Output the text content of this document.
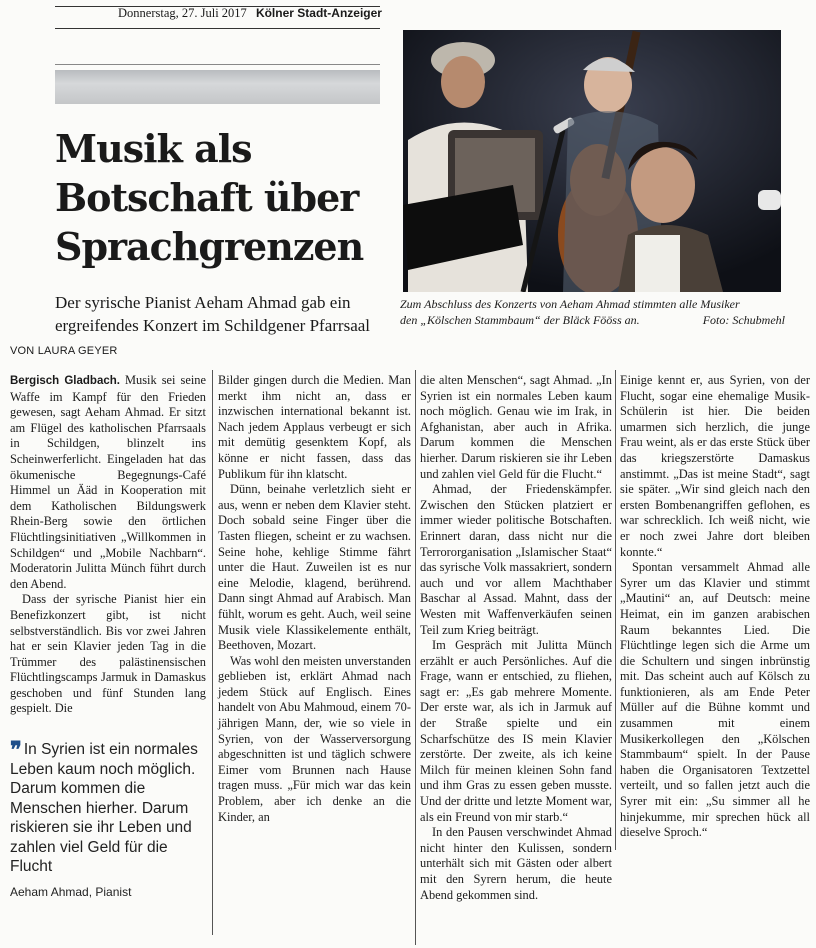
Donnerstag, 27. Juli 2017 Kölner Stadt-Anzeiger
Musik als
Botschaft über
Sprachgrenzen
Der syrische Pianist Aeham Ahmad gab ein
ergreifendes Konzert im Schildgener Pfarrsaal
VON LAURA GEYER
Zum Abschluss des Konzerts von Aeham Ahmad stimmten alle Musiker
den „Kölschen Stammbaum“ der Bläck Fööss an.	Foto: Schubmehl

Bergisch Gladbach. Musik sei seine Waffe im Kampf für den Frieden gewesen, sagt Aeham Ahmad. Er sitzt am Flügel des katholischen Pfarrsaals in Schildgen, blinzelt ins Scheinwerferlicht. Eingeladen hat das ökumenische Begegnungs-Café Himmel un Ääd in Kooperation mit dem Katholischen Bildungswerk Rhein-Berg sowie den örtlichen Flüchtlingsinitiativen „Willkommen in Schildgen“ und „Mobile Nachbarn“. Moderatorin Julitta Münch führt durch den Abend.

Dass der syrische Pianist hier ein Benefizkonzert gibt, ist nicht selbstverständlich. Bis vor zwei Jahren hat er sein Klavier jeden Tag in die Trümmer des palästinensischen Flüchtlingscamps Jarmuk in Damaskus geschoben und fünf Stunden lang gespielt. Die

❞ In Syrien ist ein normales Leben kaum noch möglich. Darum kommen die Menschen hierher. Darum riskieren sie ihr Leben und zahlen viel Geld für die Flucht
Aeham Ahmad, Pianist

Bilder gingen durch die Medien. Man merkt ihm nicht an, dass er inzwischen international bekannt ist. Nach jedem Applaus verbeugt er sich mit demütig gesenktem Kopf, als könne er nicht fassen, dass das Publikum für ihn klatscht.

Dünn, beinahe verletzlich sieht er aus, wenn er neben dem Klavier steht. Doch sobald seine Finger über die Tasten fliegen, scheint er zu wachsen. Seine hohe, kehlige Stimme fährt unter die Haut. Zuweilen ist es nur eine Melodie, klagend, berührend. Dann singt Ahmad auf Arabisch. Man fühlt, worum es geht. Auch, weil seine Musik viele Klassikelemente enthält, Beethoven, Mozart.

Was wohl den meisten unverstanden geblieben ist, erklärt Ahmad nach jedem Stück auf Englisch. Eines handelt von Abu Mahmoud, einem 70-jährigen Mann, der, wie so viele in Syrien, von der Wasserversorgung abgeschnitten ist und täglich schwere Eimer vom Brunnen nach Hause tragen muss. „Für mich war das kein Problem, aber ich denke an die Kinder, an

die alten Menschen“, sagt Ahmad. „In Syrien ist ein normales Leben kaum noch möglich. Genau wie im Irak, in Afghanistan, aber auch in Afrika. Darum kommen die Menschen hierher. Darum riskieren sie ihr Leben und zahlen viel Geld für die Flucht.“

Ahmad, der Friedenskämpfer. Zwischen den Stücken platziert er immer wieder politische Botschaften. Erinnert daran, dass nicht nur die Terrororganisation „Islamischer Staat“ das syrische Volk massakriert, sondern auch und vor allem Machthaber Baschar al Assad. Mahnt, dass der Westen mit Waffenverkäufen seinen Teil zum Krieg beiträgt.

Im Gespräch mit Julitta Münch erzählt er auch Persönliches. Auf die Frage, wann er entschied, zu fliehen, sagt er: „Es gab mehrere Momente. Der erste war, als ich in Jarmuk auf der Straße spielte und ein Scharfschütze des IS mein Klavier zerstörte. Der zweite, als ich keine Milch für meinen kleinen Sohn fand und ihm Gras zu essen geben musste. Und der dritte und letzte Moment war, als ein Freund von mir starb.“

In den Pausen verschwindet Ahmad nicht hinter den Kulissen, sondern unterhält sich mit Gästen oder albert mit den Syrern herum, die heute Abend gekommen sind.

Einige kennt er, aus Syrien, von der Flucht, sogar eine ehemalige Musik-Schülerin ist hier. Die beiden umarmen sich herzlich, die junge Frau weint, als er das erste Stück über das kriegszerstörte Damaskus anstimmt. „Das ist meine Stadt“, sagt sie später. „Wir sind gleich nach den ersten Bombenangriffen geflohen, es war schrecklich. Ich weiß nicht, wie er noch zwei Jahre dort bleiben konnte.“

Spontan versammelt Ahmad alle Syrer um das Klavier und stimmt „Mautini“ an, auf Deutsch: meine Heimat, ein im ganzen arabischen Raum bekanntes Lied. Die Flüchtlinge legen sich die Arme um die Schultern und singen inbrünstig mit. Das scheint auch auf Kölsch zu funktionieren, als am Ende Peter Müller auf die Bühne kommt und zusammen mit einem Musikerkollegen den „Kölschen Stammbaum“ spielt. In der Pause haben die Organisatoren Textzettel verteilt, und so fallen jetzt auch die Syrer mit ein: „Su simmer all he hinjekumme, mir sprechen hück all dieselve Sproch.“
